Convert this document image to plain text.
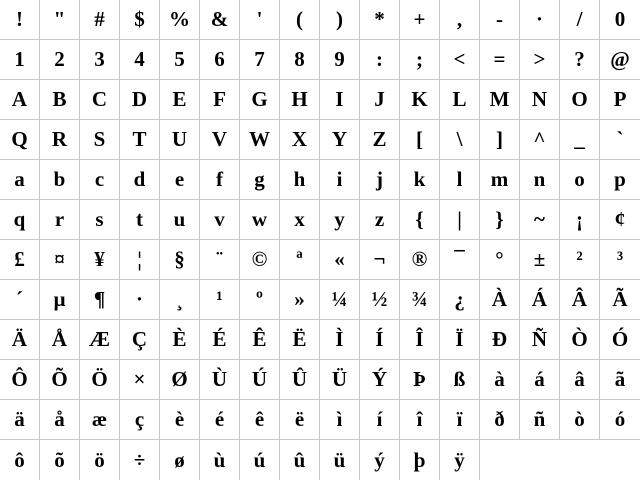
!	"	#	$	% &	'	(	)	*	+	,	-	·	/	0
1	2	3	4	5	6	7	8	9	:	;	<	=	>	?	@
A	B	C	D	E	F	G	H	I	J	K	L	M	N	O	P
Q	R	S	T	U	V	W	X	Y	Z	[	\	]	^	_	`
a	b	c	d	e	f	g	h	i	j	k	l	m	n	o	p
q	r	s	t	u	v	w	x	y	z	{	|	}	~	¡	¢
£	¤	¥	¦	§	¨	©	ª	«	¬	®	¯	°	±	²	³
´	µ	¶	·	¸	¹	º	»	¼	½	¾	¿	À	Á	Â	Ã
Ä	Å	Æ	Ç	È	É	Ê	Ë	Ì	Í	Î	Ï	Ð	Ñ	Ò	Ó
Ô	Õ	Ö	×	Ø	Ù	Ú	Û	Ü	Ý	Þ	ß	à	á	â	ã
ä	å	æ	ç	è	é	ê	ë	ì	í	î	ï	ð	ñ	ò	ó
ô	õ	ö	÷	ø	ù	ú	û	ü	ý	þ	ÿ
